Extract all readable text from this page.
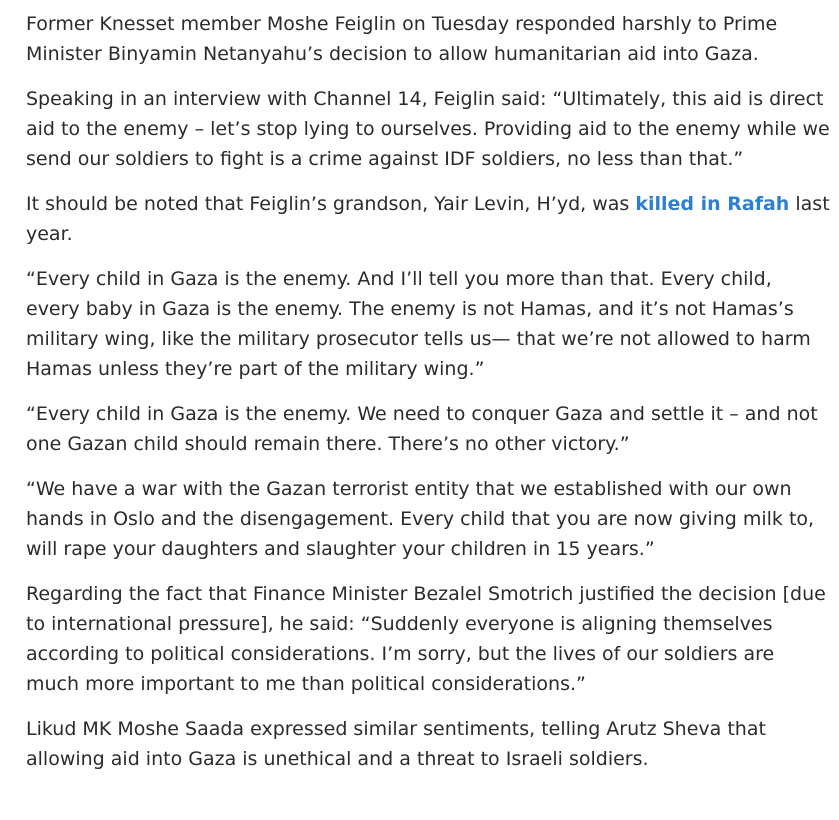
Former Knesset member Moshe Feiglin on Tuesday responded harshly to Prime Minister Binyamin Netanyahu’s decision to allow humanitarian aid into Gaza.

Speaking in an interview with Channel 14, Feiglin said: “Ultimately, this aid is direct aid to the enemy – let’s stop lying to ourselves. Providing aid to the enemy while we send our soldiers to fight is a crime against IDF soldiers, no less than that.”

It should be noted that Feiglin’s grandson, Yair Levin, H’yd, was killed in Rafah last year.

“Every child in Gaza is the enemy. And I’ll tell you more than that. Every child, every baby in Gaza is the enemy. The enemy is not Hamas, and it’s not Hamas’s military wing, like the military prosecutor tells us— that we’re not allowed to harm Hamas unless they’re part of the military wing.”

“Every child in Gaza is the enemy. We need to conquer Gaza and settle it – and not one Gazan child should remain there. There’s no other victory.”

“We have a war with the Gazan terrorist entity that we established with our own hands in Oslo and the disengagement. Every child that you are now giving milk to, will rape your daughters and slaughter your children in 15 years.”

Regarding the fact that Finance Minister Bezalel Smotrich justified the decision [due to international pressure], he said: “Suddenly everyone is aligning themselves according to political considerations. I’m sorry, but the lives of our soldiers are much more important to me than political considerations.”

Likud MK Moshe Saada expressed similar sentiments, telling Arutz Sheva that allowing aid into Gaza is unethical and a threat to Israeli soldiers.
